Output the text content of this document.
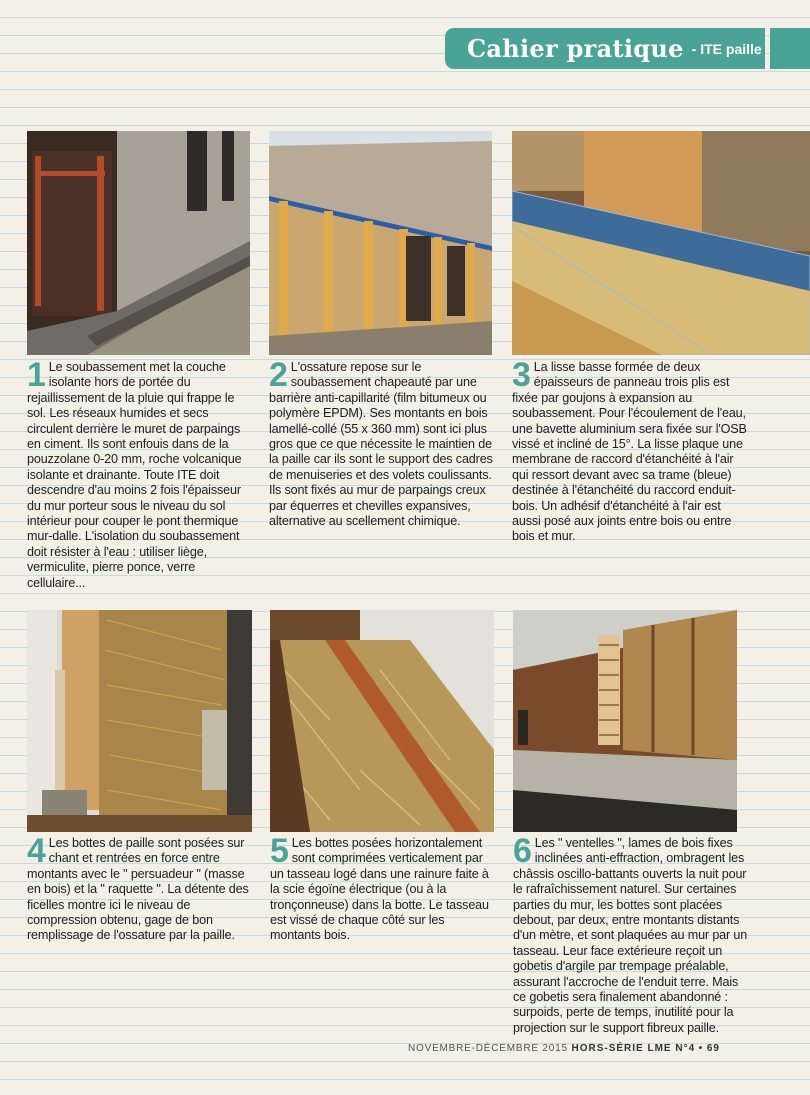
Cahier pratique - ITE paille
1 Le soubassement met la couche isolante hors de portée du rejaillissement de la pluie qui frappe le sol. Les réseaux humides et secs circulent derrière le muret de parpaings en ciment. Ils sont enfouis dans de la pouzzolane 0-20 mm, roche volcanique isolante et drainante. Toute ITE doit descendre d'au moins 2 fois l'épaisseur du mur porteur sous le niveau du sol intérieur pour couper le pont thermique mur-dalle. L'isolation du soubassement doit résister à l'eau : utiliser liège, vermiculite, pierre ponce, verre cellulaire...
2 L'ossature repose sur le soubassement chapeauté par une barrière anti-capillarité (film bitumeux ou polymère EPDM). Ses montants en bois lamellé-collé (55 x 360 mm) sont ici plus gros que ce que nécessite le maintien de la paille car ils sont le support des cadres de menuiseries et des volets coulissants. Ils sont fixés au mur de parpaings creux par équerres et chevilles expansives, alternative au scellement chimique.
3 La lisse basse formée de deux épaisseurs de panneau trois plis est fixée par goujons à expansion au soubassement. Pour l'écoulement de l'eau, une bavette aluminium sera fixée sur l'OSB vissé et incliné de 15°. La lisse plaque une membrane de raccord d'étanchéité à l'air qui ressort devant avec sa trame (bleue) destinée à l'étanchéité du raccord enduit-bois. Un adhésif d'étanchéité à l'air est aussi posé aux joints entre bois ou entre bois et mur.
4 Les bottes de paille sont posées sur chant et rentrées en force entre montants avec le " persuadeur " (masse en bois) et la " raquette ". La détente des ficelles montre ici le niveau de compression obtenu, gage de bon remplissage de l'ossature par la paille.
5 Les bottes posées horizontalement sont comprimées verticalement par un tasseau logé dans une rainure faite à la scie égoïne électrique (ou à la tronçonneuse) dans la botte. Le tasseau est vissé de chaque côté sur les montants bois.
6 Les " ventelles ", lames de bois fixes inclinées anti-effraction, ombragent les châssis oscillo-battants ouverts la nuit pour le rafraîchissement naturel. Sur certaines parties du mur, les bottes sont placées debout, par deux, entre montants distants d'un mètre, et sont plaquées au mur par un tasseau. Leur face extérieure reçoit un gobetis d'argile par trempage préalable, assurant l'accroche de l'enduit terre. Mais ce gobetis sera finalement abandonné : surpoids, perte de temps, inutilité pour la projection sur le support fibreux paille.
NOVEMBRE-DÉCEMBRE 2015 HORS-SÉRIE LME N°4 • 69
